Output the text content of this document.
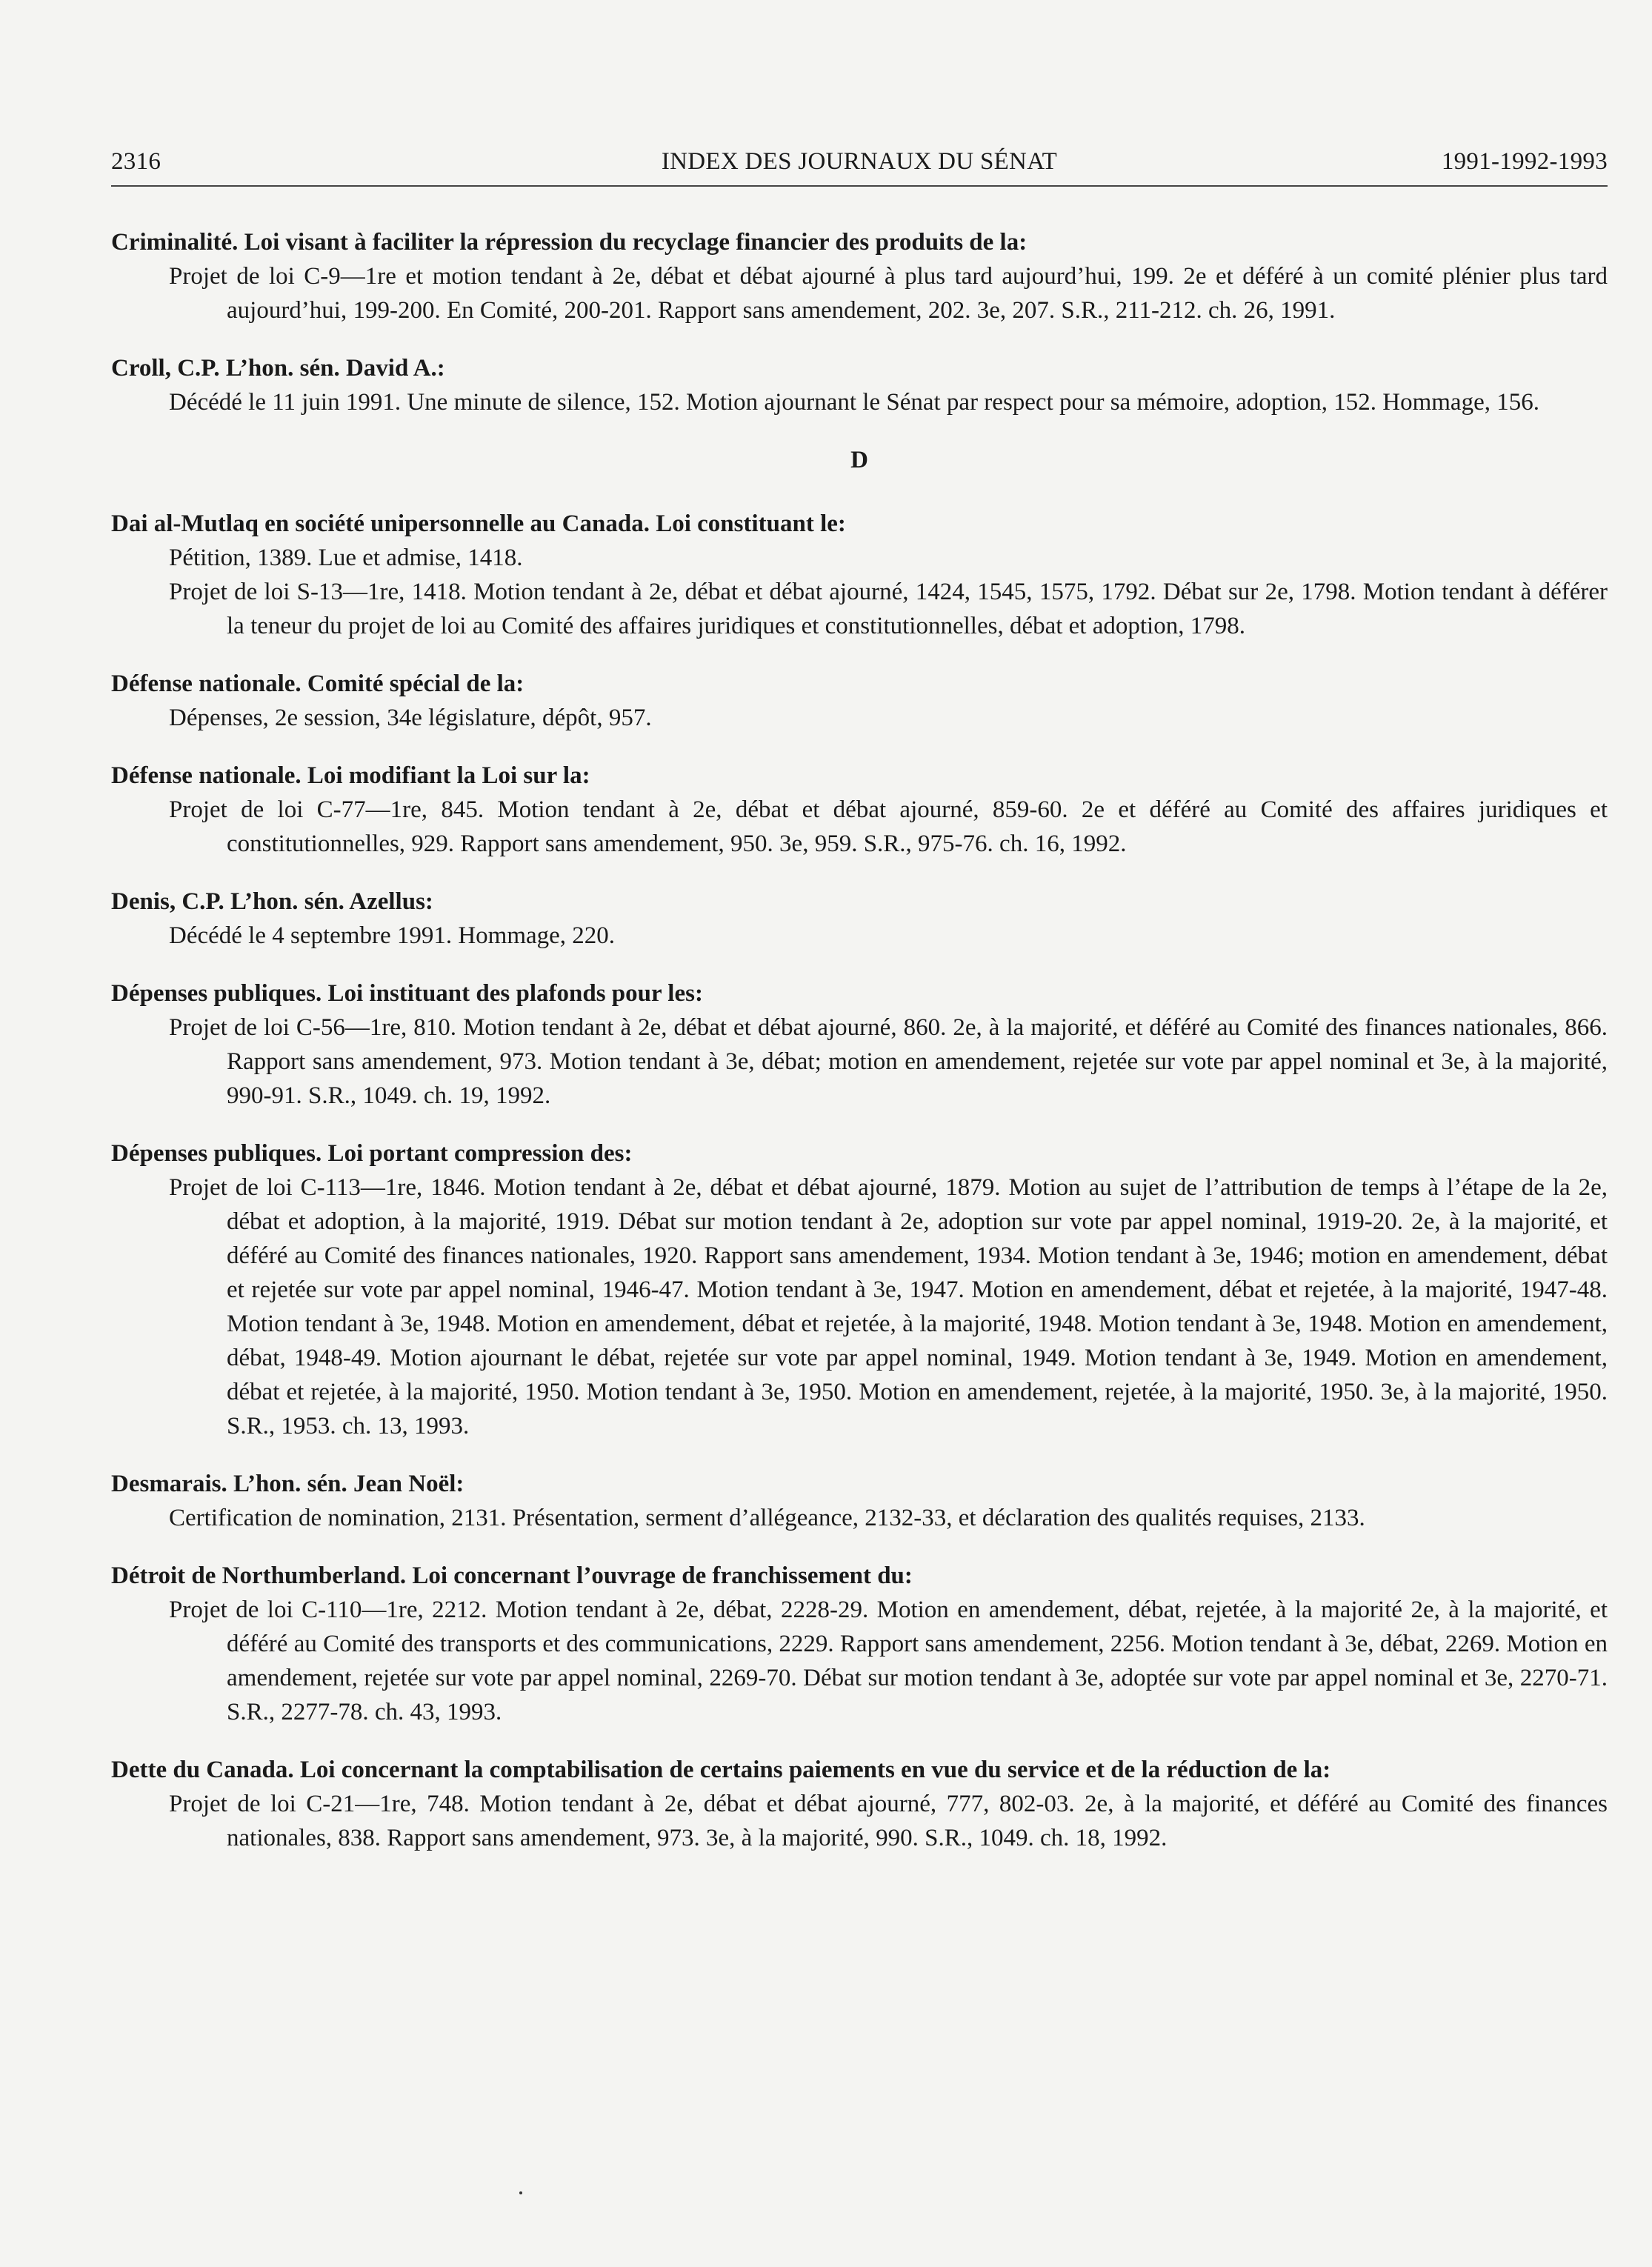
2316	INDEX DES JOURNAUX DU SÉNAT	1991-1992-1993
Criminalité. Loi visant à faciliter la répression du recyclage financier des produits de la:
Projet de loi C-9—1re et motion tendant à 2e, débat et débat ajourné à plus tard aujourd’hui, 199. 2e et déféré à un comité plénier plus tard aujourd’hui, 199-200. En Comité, 200-201. Rapport sans amendement, 202. 3e, 207. S.R., 211-212. ch. 26, 1991.
Croll, C.P. L’hon. sén. David A.:
Décédé le 11 juin 1991. Une minute de silence, 152. Motion ajournant le Sénat par respect pour sa mémoire, adoption, 152. Hommage, 156.
D
Dai al-Mutlaq en société unipersonnelle au Canada. Loi constituant le:
Pétition, 1389. Lue et admise, 1418.
Projet de loi S-13—1re, 1418. Motion tendant à 2e, débat et débat ajourné, 1424, 1545, 1575, 1792. Débat sur 2e, 1798. Motion tendant à déférer la teneur du projet de loi au Comité des affaires juridiques et constitutionnelles, débat et adoption, 1798.
Défense nationale. Comité spécial de la:
Dépenses, 2e session, 34e législature, dépôt, 957.
Défense nationale. Loi modifiant la Loi sur la:
Projet de loi C-77—1re, 845. Motion tendant à 2e, débat et débat ajourné, 859-60. 2e et déféré au Comité des affaires juridiques et constitutionnelles, 929. Rapport sans amendement, 950. 3e, 959. S.R., 975-76. ch. 16, 1992.
Denis, C.P. L’hon. sén. Azellus:
Décédé le 4 septembre 1991. Hommage, 220.
Dépenses publiques. Loi instituant des plafonds pour les:
Projet de loi C-56—1re, 810. Motion tendant à 2e, débat et débat ajourné, 860. 2e, à la majorité, et déféré au Comité des finances nationales, 866. Rapport sans amendement, 973. Motion tendant à 3e, débat; motion en amendement, rejetée sur vote par appel nominal et 3e, à la majorité, 990-91. S.R., 1049. ch. 19, 1992.
Dépenses publiques. Loi portant compression des:
Projet de loi C-113—1re, 1846. Motion tendant à 2e, débat et débat ajourné, 1879. Motion au sujet de l’attribution de temps à l’étape de la 2e, débat et adoption, à la majorité, 1919. Débat sur motion tendant à 2e, adoption sur vote par appel nominal, 1919-20. 2e, à la majorité, et déféré au Comité des finances nationales, 1920. Rapport sans amendement, 1934. Motion tendant à 3e, 1946; motion en amendement, débat et rejetée sur vote par appel nominal, 1946-47. Motion tendant à 3e, 1947. Motion en amendement, débat et rejetée, à la majorité, 1947-48. Motion tendant à 3e, 1948. Motion en amendement, débat et rejetée, à la majorité, 1948. Motion tendant à 3e, 1948. Motion en amendement, débat, 1948-49. Motion ajournant le débat, rejetée sur vote par appel nominal, 1949. Motion tendant à 3e, 1949. Motion en amendement, débat et rejetée, à la majorité, 1950. Motion tendant à 3e, 1950. Motion en amendement, rejetée, à la majorité, 1950. 3e, à la majorité, 1950. S.R., 1953. ch. 13, 1993.
Desmarais. L’hon. sén. Jean Noël:
Certification de nomination, 2131. Présentation, serment d’allégeance, 2132-33, et déclaration des qualités requises, 2133.
Détroit de Northumberland. Loi concernant l’ouvrage de franchissement du:
Projet de loi C-110—1re, 2212. Motion tendant à 2e, débat, 2228-29. Motion en amendement, débat, rejetée, à la majorité 2e, à la majorité, et déféré au Comité des transports et des communications, 2229. Rapport sans amendement, 2256. Motion tendant à 3e, débat, 2269. Motion en amendement, rejetée sur vote par appel nominal, 2269-70. Débat sur motion tendant à 3e, adoptée sur vote par appel nominal et 3e, 2270-71. S.R., 2277-78. ch. 43, 1993.
Dette du Canada. Loi concernant la comptabilisation de certains paiements en vue du service et de la réduction de la:
Projet de loi C-21—1re, 748. Motion tendant à 2e, débat et débat ajourné, 777, 802-03. 2e, à la majorité, et déféré au Comité des finances nationales, 838. Rapport sans amendement, 973. 3e, à la majorité, 990. S.R., 1049. ch. 18, 1992.
